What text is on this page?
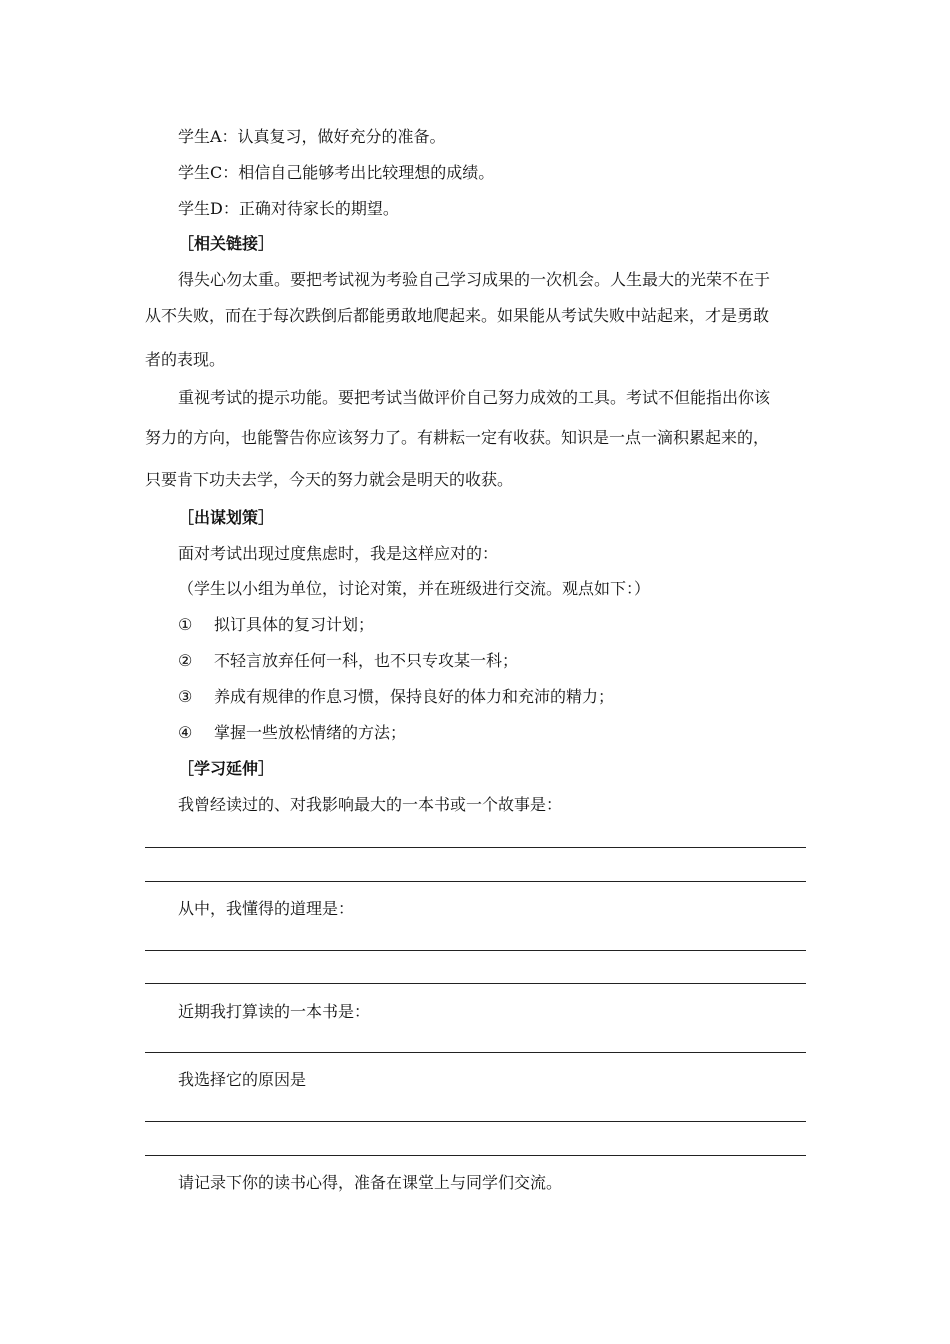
学生A：认真复习，做好充分的准备。
学生C：相信自己能够考出比较理想的成绩。
学生D：正确对待家长的期望。
［相关链接］
得失心勿太重。要把考试视为考验自己学习成果的一次机会。人生最大的光荣不在于
从不失败，而在于每次跌倒后都能勇敢地爬起来。如果能从考试失败中站起来，才是勇敢
者的表现。
重视考试的提示功能。要把考试当做评价自己努力成效的工具。考试不但能指出你该
努力的方向，也能警告你应该努力了。有耕耘一定有收获。知识是一点一滴积累起来的，
只要肯下功夫去学，今天的努力就会是明天的收获。
［出谋划策］
面对考试出现过度焦虑时，我是这样应对的：
（学生以小组为单位，讨论对策，并在班级进行交流。观点如下：）
① 拟订具体的复习计划；
② 不轻言放弃任何一科，也不只专攻某一科；
③ 养成有规律的作息习惯，保持良好的体力和充沛的精力；
④ 掌握一些放松情绪的方法；
［学习延伸］
我曾经读过的、对我影响最大的一本书或一个故事是：
从中，我懂得的道理是：
近期我打算读的一本书是：
我选择它的原因是
请记录下你的读书心得，准备在课堂上与同学们交流。
